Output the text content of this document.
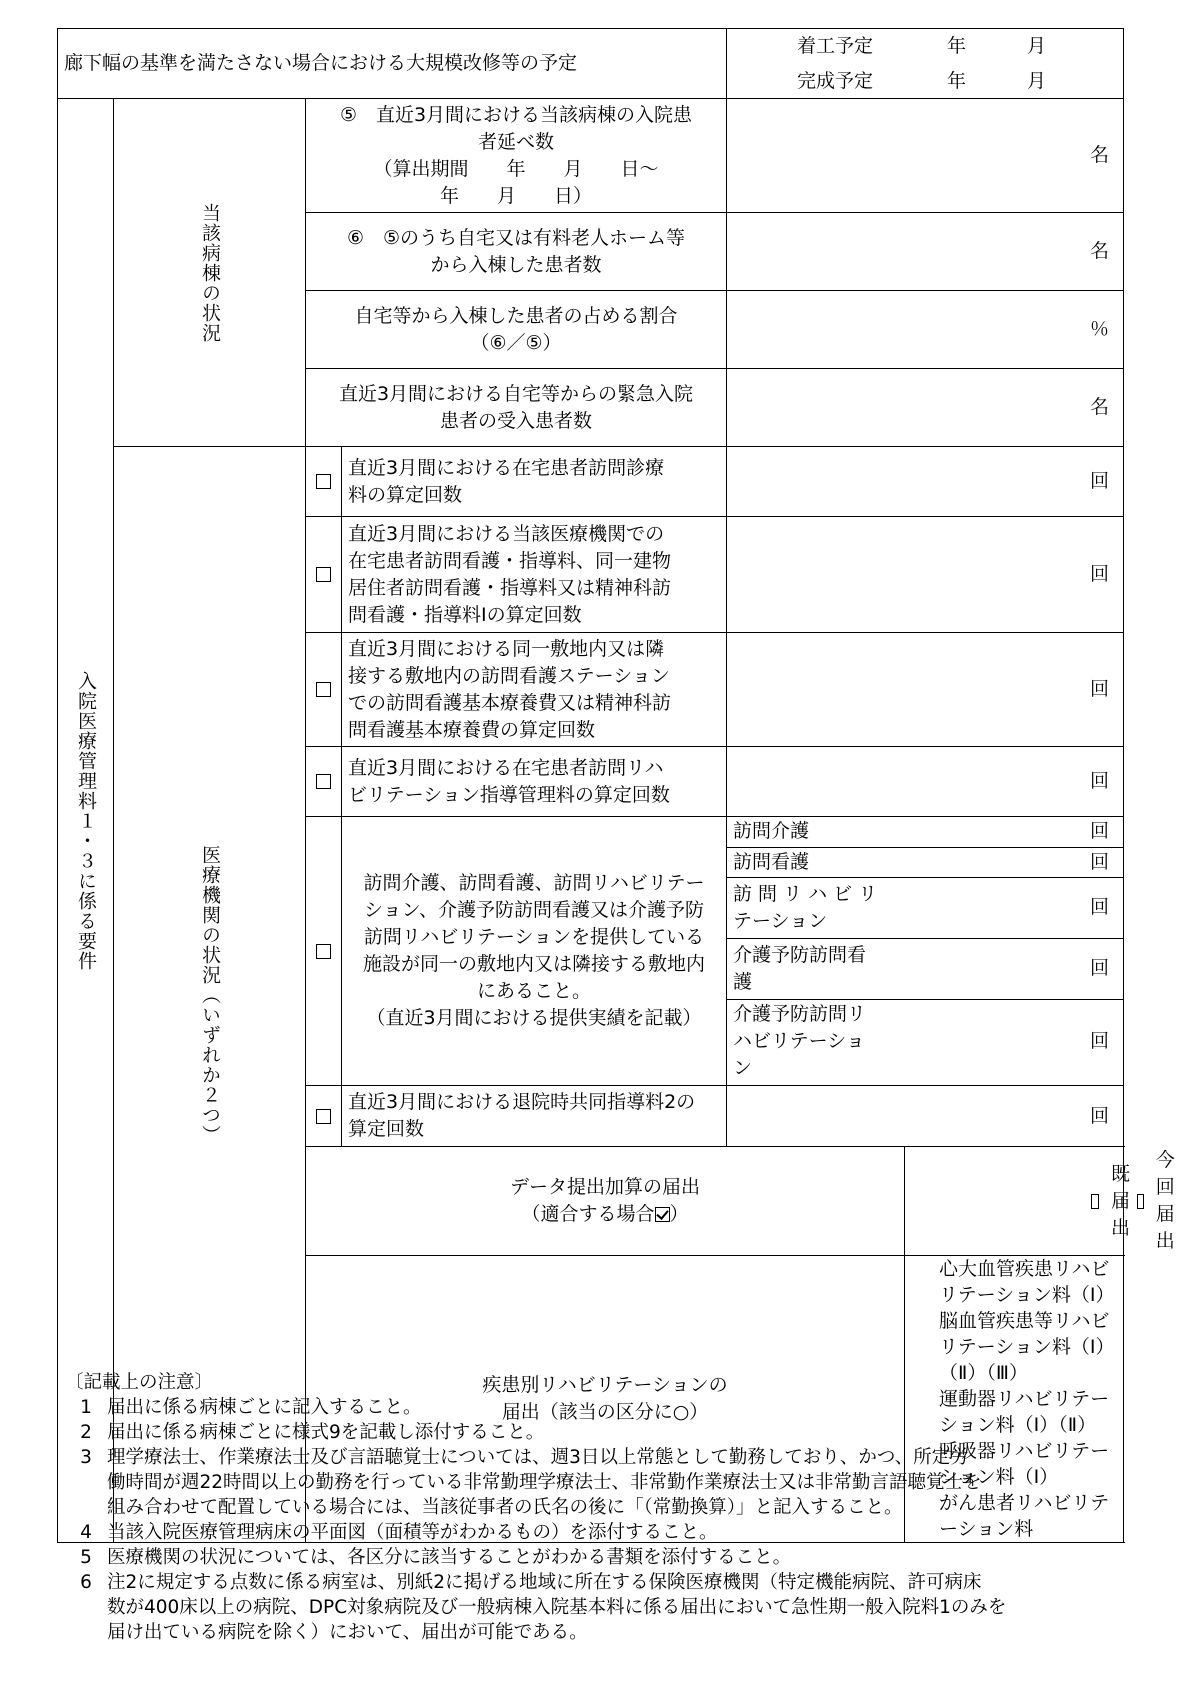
廊下幅の基準を満たさない場合における大規模改修等の予定	
着工予定	年	月
完成予定	年	月

入院医療管理料１・３に係る要件

当該病棟の状況

⑤　直近3月間における当該病棟の入院患
者延べ数
（算出期間　　年　　月　　日～
年　　月　　日）
	名

⑥　⑤のうち自宅又は有料老人ホーム等
から入棟した患者数
	名

自宅等から入棟した患者の占める割合
（⑥／⑤）
	％

直近3月間における自宅等からの緊急入院
患者の受入患者数
	名

医療機関の状況（いずれか２つ）

直近3月間における在宅患者訪問診療
料の算定回数
	回

直近3月間における当該医療機関での
在宅患者訪問看護・指導料、同一建物
居住者訪問看護・指導料又は精神科訪
問看護・指導料Ⅰの算定回数
	回

直近3月間における同一敷地内又は隣
接する敷地内の訪問看護ステーション
での訪問看護基本療養費又は精神科訪
問看護基本療養費の算定回数
	回

直近3月間における在宅患者訪問リハ
ビリテーション指導管理料の算定回数
	回

訪問介護、訪問看護、訪問リハビリテー
ション、介護予防訪問看護又は介護予防
訪問リハビリテーションを提供している
施設が同一の敷地内又は隣接する敷地内
にあること。
（直近3月間における提供実績を記載）

訪問介護	回
訪問看護	回

訪 問 リ ハ ビ リ
テーション
	回

介護予防訪問看
護
	回

介護予防訪問リ
ハビリテーショ
ン
	回

直近3月間における退院時共同指導料2の
算定回数
	回

データ提出加算の届出
（適合する場合 ）

既届出
今回届出

疾患別リハビリテーションの
届出（該当の区分に○）

心大血管疾患リハビリテーション料（Ⅰ）
脳血管疾患等リハビリテーション料（Ⅰ）（Ⅱ）（Ⅲ）
運動器リハビリテーション料（Ⅰ）（Ⅱ）
呼吸器リハビリテーション料（Ⅰ）
がん患者リハビリテーション料
〔記載上の注意〕
1 届出に係る病棟ごとに記入すること。
2 届出に係る病棟ごとに様式9を記載し添付すること。
3 理学療法士、作業療法士及び言語聴覚士については、週3日以上常態として勤務しており、かつ、所定労
働時間が週22時間以上の勤務を行っている非常勤理学療法士、非常勤作業療法士又は非常勤言語聴覚士を
組み合わせて配置している場合には、当該従事者の氏名の後に「（常勤換算）」と記入すること。
4 当該入院医療管理病床の平面図（面積等がわかるもの）を添付すること。
5 医療機関の状況については、各区分に該当することがわかる書類を添付すること。
6 注2に規定する点数に係る病室は、別紙2に掲げる地域に所在する保険医療機関（特定機能病院、許可病床
数が400床以上の病院、DPC対象病院及び一般病棟入院基本料に係る届出において急性期一般入院料1のみを
届け出ている病院を除く）において、届出が可能である。
